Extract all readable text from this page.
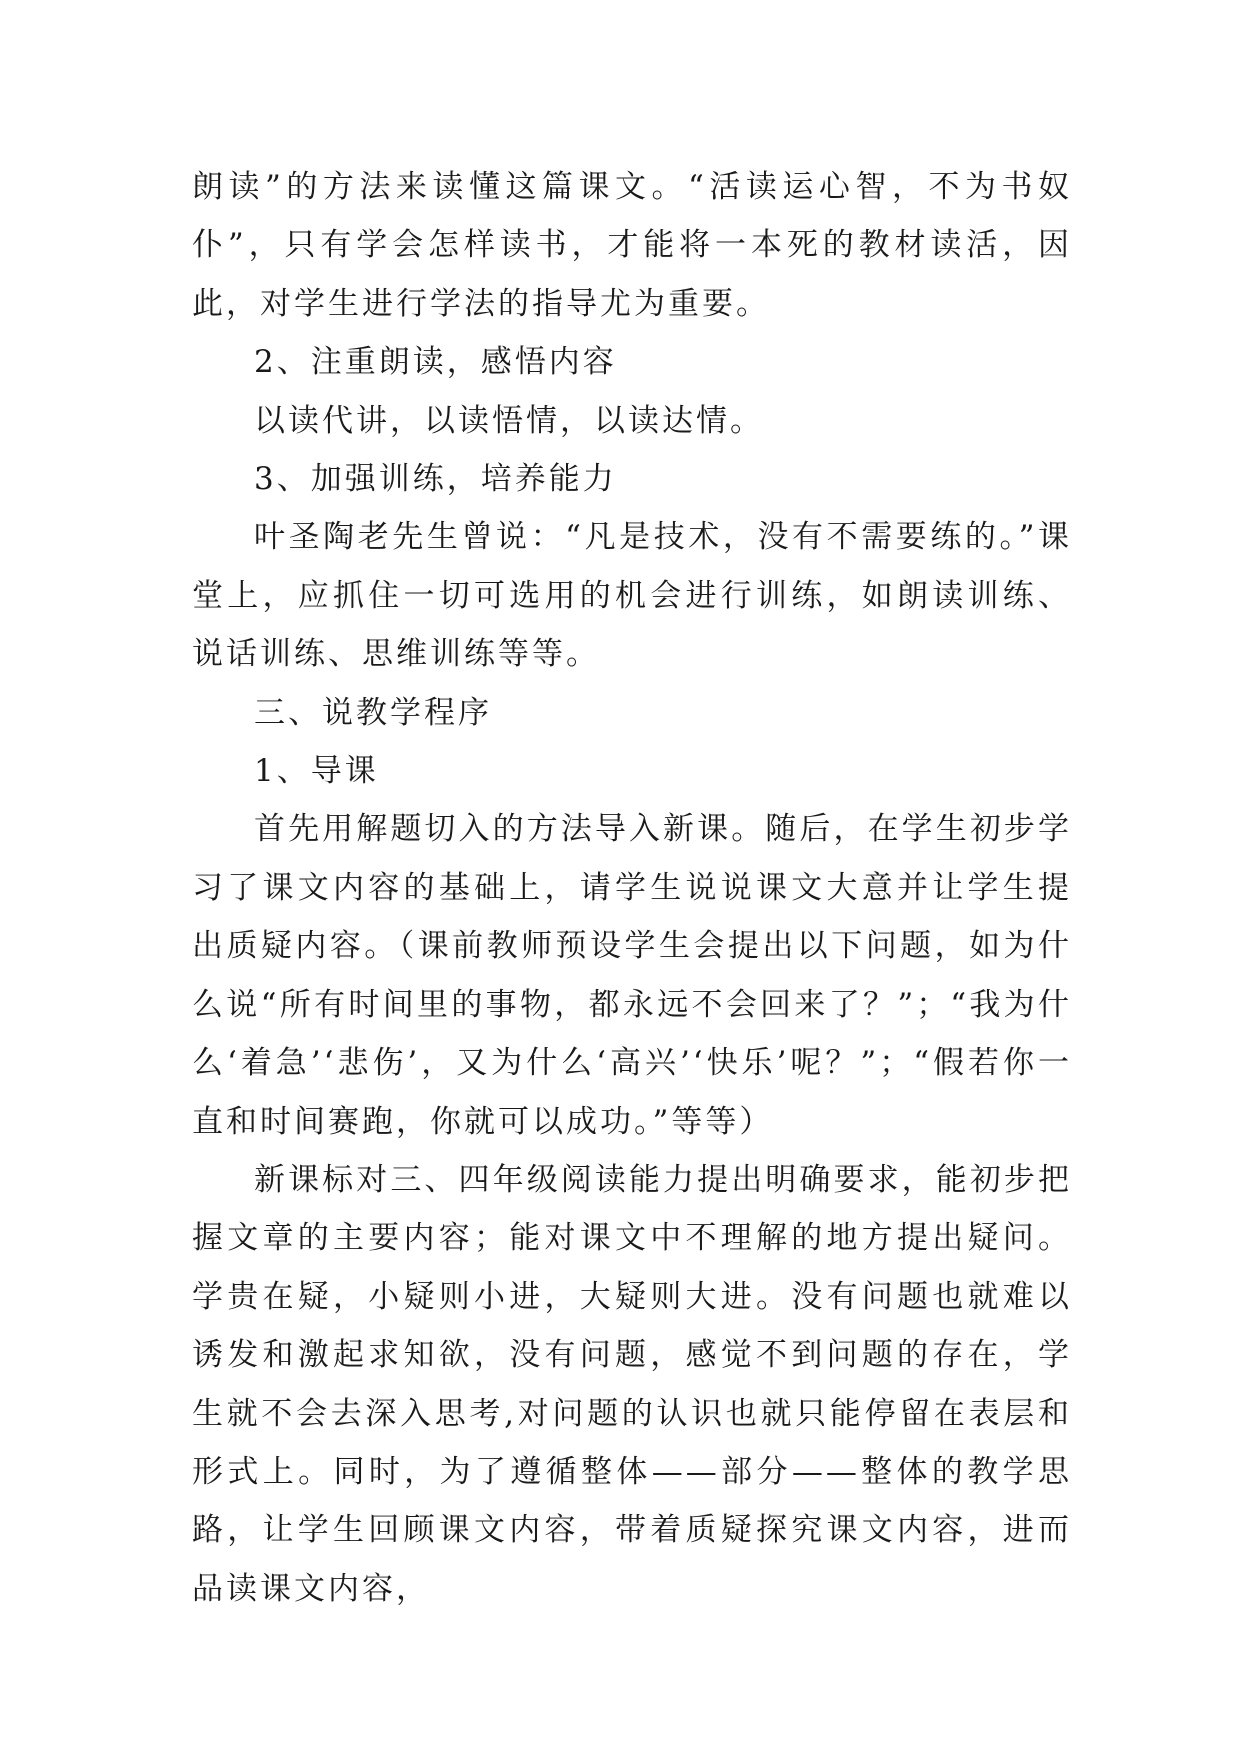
朗读”的方法来读懂这篇课文。“活读运心智，不为书奴仆”，只有学会怎样读书，才能将一本死的教材读活，因此，对学生进行学法的指导尤为重要。

2、注重朗读，感悟内容

以读代讲，以读悟情，以读达情。

3、加强训练，培养能力

叶圣陶老先生曾说：“凡是技术，没有不需要练的。”课堂上，应抓住一切可选用的机会进行训练，如朗读训练、说话训练、思维训练等等。

三、说教学程序

1、导课

首先用解题切入的方法导入新课。随后，在学生初步学习了课文内容的基础上，请学生说说课文大意并让学生提出质疑内容。（课前教师预设学生会提出以下问题，如为什么说“所有时间里的事物，都永远不会回来了？”；“我为什么‘着急’‘悲伤’，又为什么‘高兴’‘快乐’呢？”；“假若你一直和时间赛跑，你就可以成功。”等等）

新课标对三、四年级阅读能力提出明确要求，能初步把握文章的主要内容；能对课文中不理解的地方提出疑问。学贵在疑，小疑则小进，大疑则大进。没有问题也就难以诱发和激起求知欲，没有问题，感觉不到问题的存在，学生就不会去深入思考,对问题的认识也就只能停留在表层和形式上。同时，为了遵循整体——部分——整体的教学思路，让学生回顾课文内容，带着质疑探究课文内容，进而品读课文内容，
